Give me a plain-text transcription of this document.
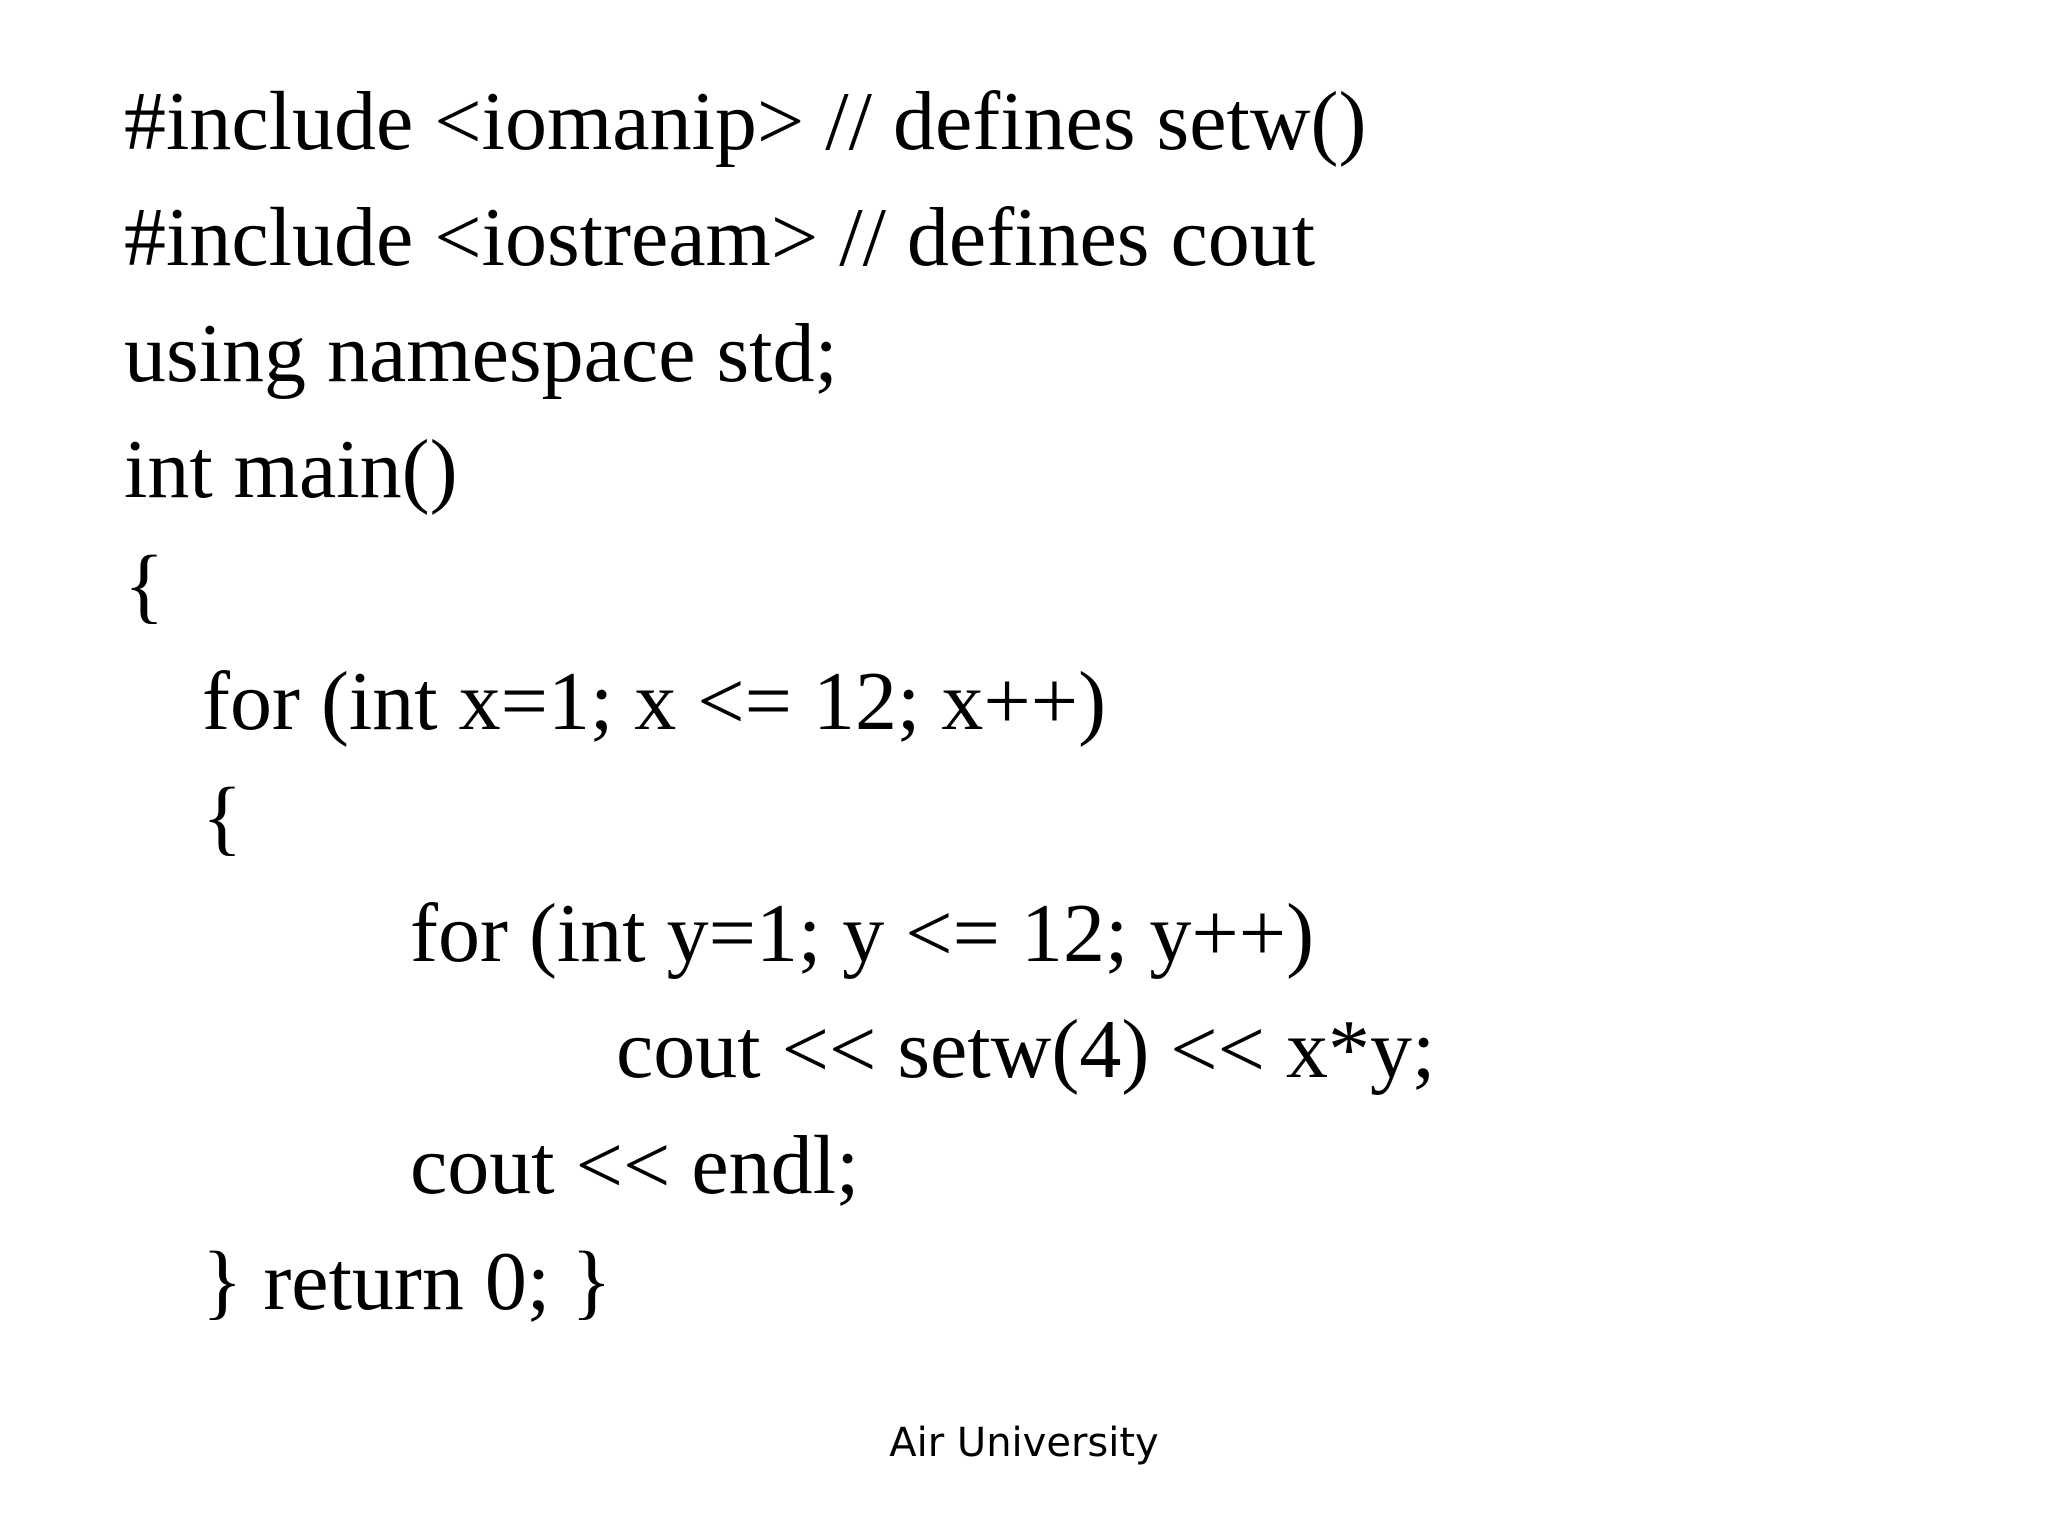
#include <iomanip> // defines setw()
#include <iostream> // defines cout
using namespace std;
int main()
{
for (int x=1; x <= 12; x++)
{
for (int y=1; y <= 12; y++)
cout << setw(4) << x*y;
cout << endl;
} return 0; }
Air University
